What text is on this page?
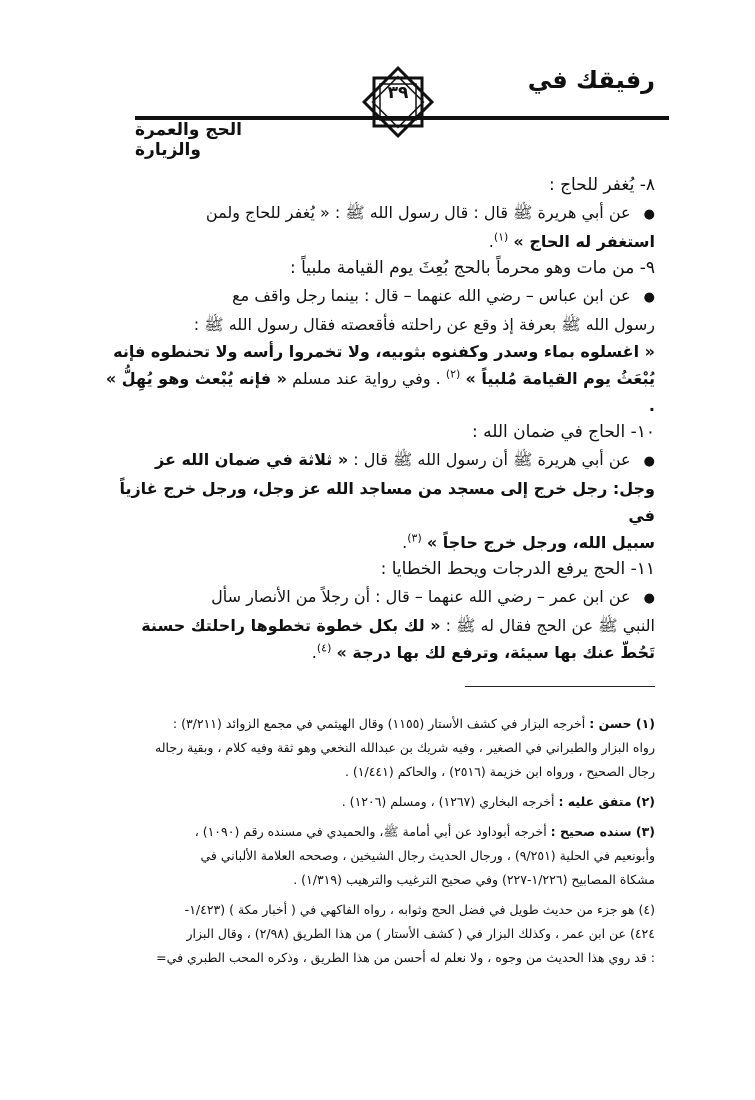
رفيقك في
٣٩
الحج والعمرة والزيارة

٨- يُغفر للحاج :

● عن أبي هريرة ﷺ قال : قال رسول الله ﷺ : « يُغفر للحاج ولمن

استغفر له الحاج » $^{(١)}$.

٩- من مات وهو محرماً بالحج بُعِثَ يوم القيامة ملبياً :

● عن ابن عباس – رضي الله عنهما – قال : بينما رجل واقف مع

رسول الله ﷺ بعرفة إذ وقع عن راحلته فأقعصته فقال رسول الله ﷺ :

« اغسلوه بماء وسدر وكفنوه بثوبيه، ولا تخمروا رأسه ولا تحنطوه فإنه

يُبْعَثُ يوم القيامة مُلبياً » $^{(٢)}$ . وفي رواية عند مسلم « فإنه يُبْعث وهو يُهِلُّ » .

١٠- الحاج في ضمان الله :

● عن أبي هريرة ﷺ أن رسول الله ﷺ قال : « ثلاثة في ضمان الله عز

وجل: رجل خرج إلى مسجد من مساجد الله عز وجل، ورجل خرج غازياً في

سبيل الله، ورجل خرج حاجاً » $^{(٣)}$.

١١- الحج يرفع الدرجات ويحط الخطايا :

● عن ابن عمر – رضي الله عنهما – قال : أن رجلاً من الأنصار سأل

النبي ﷺ عن الحج فقال له ﷺ : « لك بكل خطوة تخطوها راحلتك حسنة

تَحُطّ عنك بها سيئة، وترفع لك بها درجة » $^{(٤)}$.

(١) حسن : أخرجه البزار في كشف الأستار (١١٥٥) وقال الهيثمي في مجمع الزوائد (٣/٢١١) :

رواه البزار والطبراني في الصغير ، وفيه شريك بن عبدالله النخعي وهو ثقة وفيه كلام ، وبقية رجاله

رجال الصحيح ، ورواه ابن خزيمة (٢٥١٦) ، والحاكم (١/٤٤١) .

(٢) متفق عليه : أخرجه البخاري (١٢٦٧) ، ومسلم (١٢٠٦) .

(٣) سنده صحيح : أخرجه أبوداود عن أبي أمامة ﷺ، والحميدي في مسنده رقم (١٠٩٠) ،

وأبونعيم في الحلية (٩/٢٥١) ، ورجال الحديث رجال الشيخين ، وصححه العلامة الألباني في

مشكاة المصابيح (١/٢٢٦-٢٢٧) وفي صحيح الترغيب والترهيب (١/٣١٩) .

(٤) هو جزء من حديث طويل في فضل الحج وثوابه ، رواه الفاكهي في ( أخبار مكة ) (١/٤٢٣-

٤٢٤) عن ابن عمر ، وكذلك البزار في ( كشف الأستار ) من هذا الطريق (٢/٩٨) ، وقال البزار

: قد روي هذا الحديث من وجوه ، ولا نعلم له أحسن من هذا الطريق ، وذكره المحب الطبري في=
